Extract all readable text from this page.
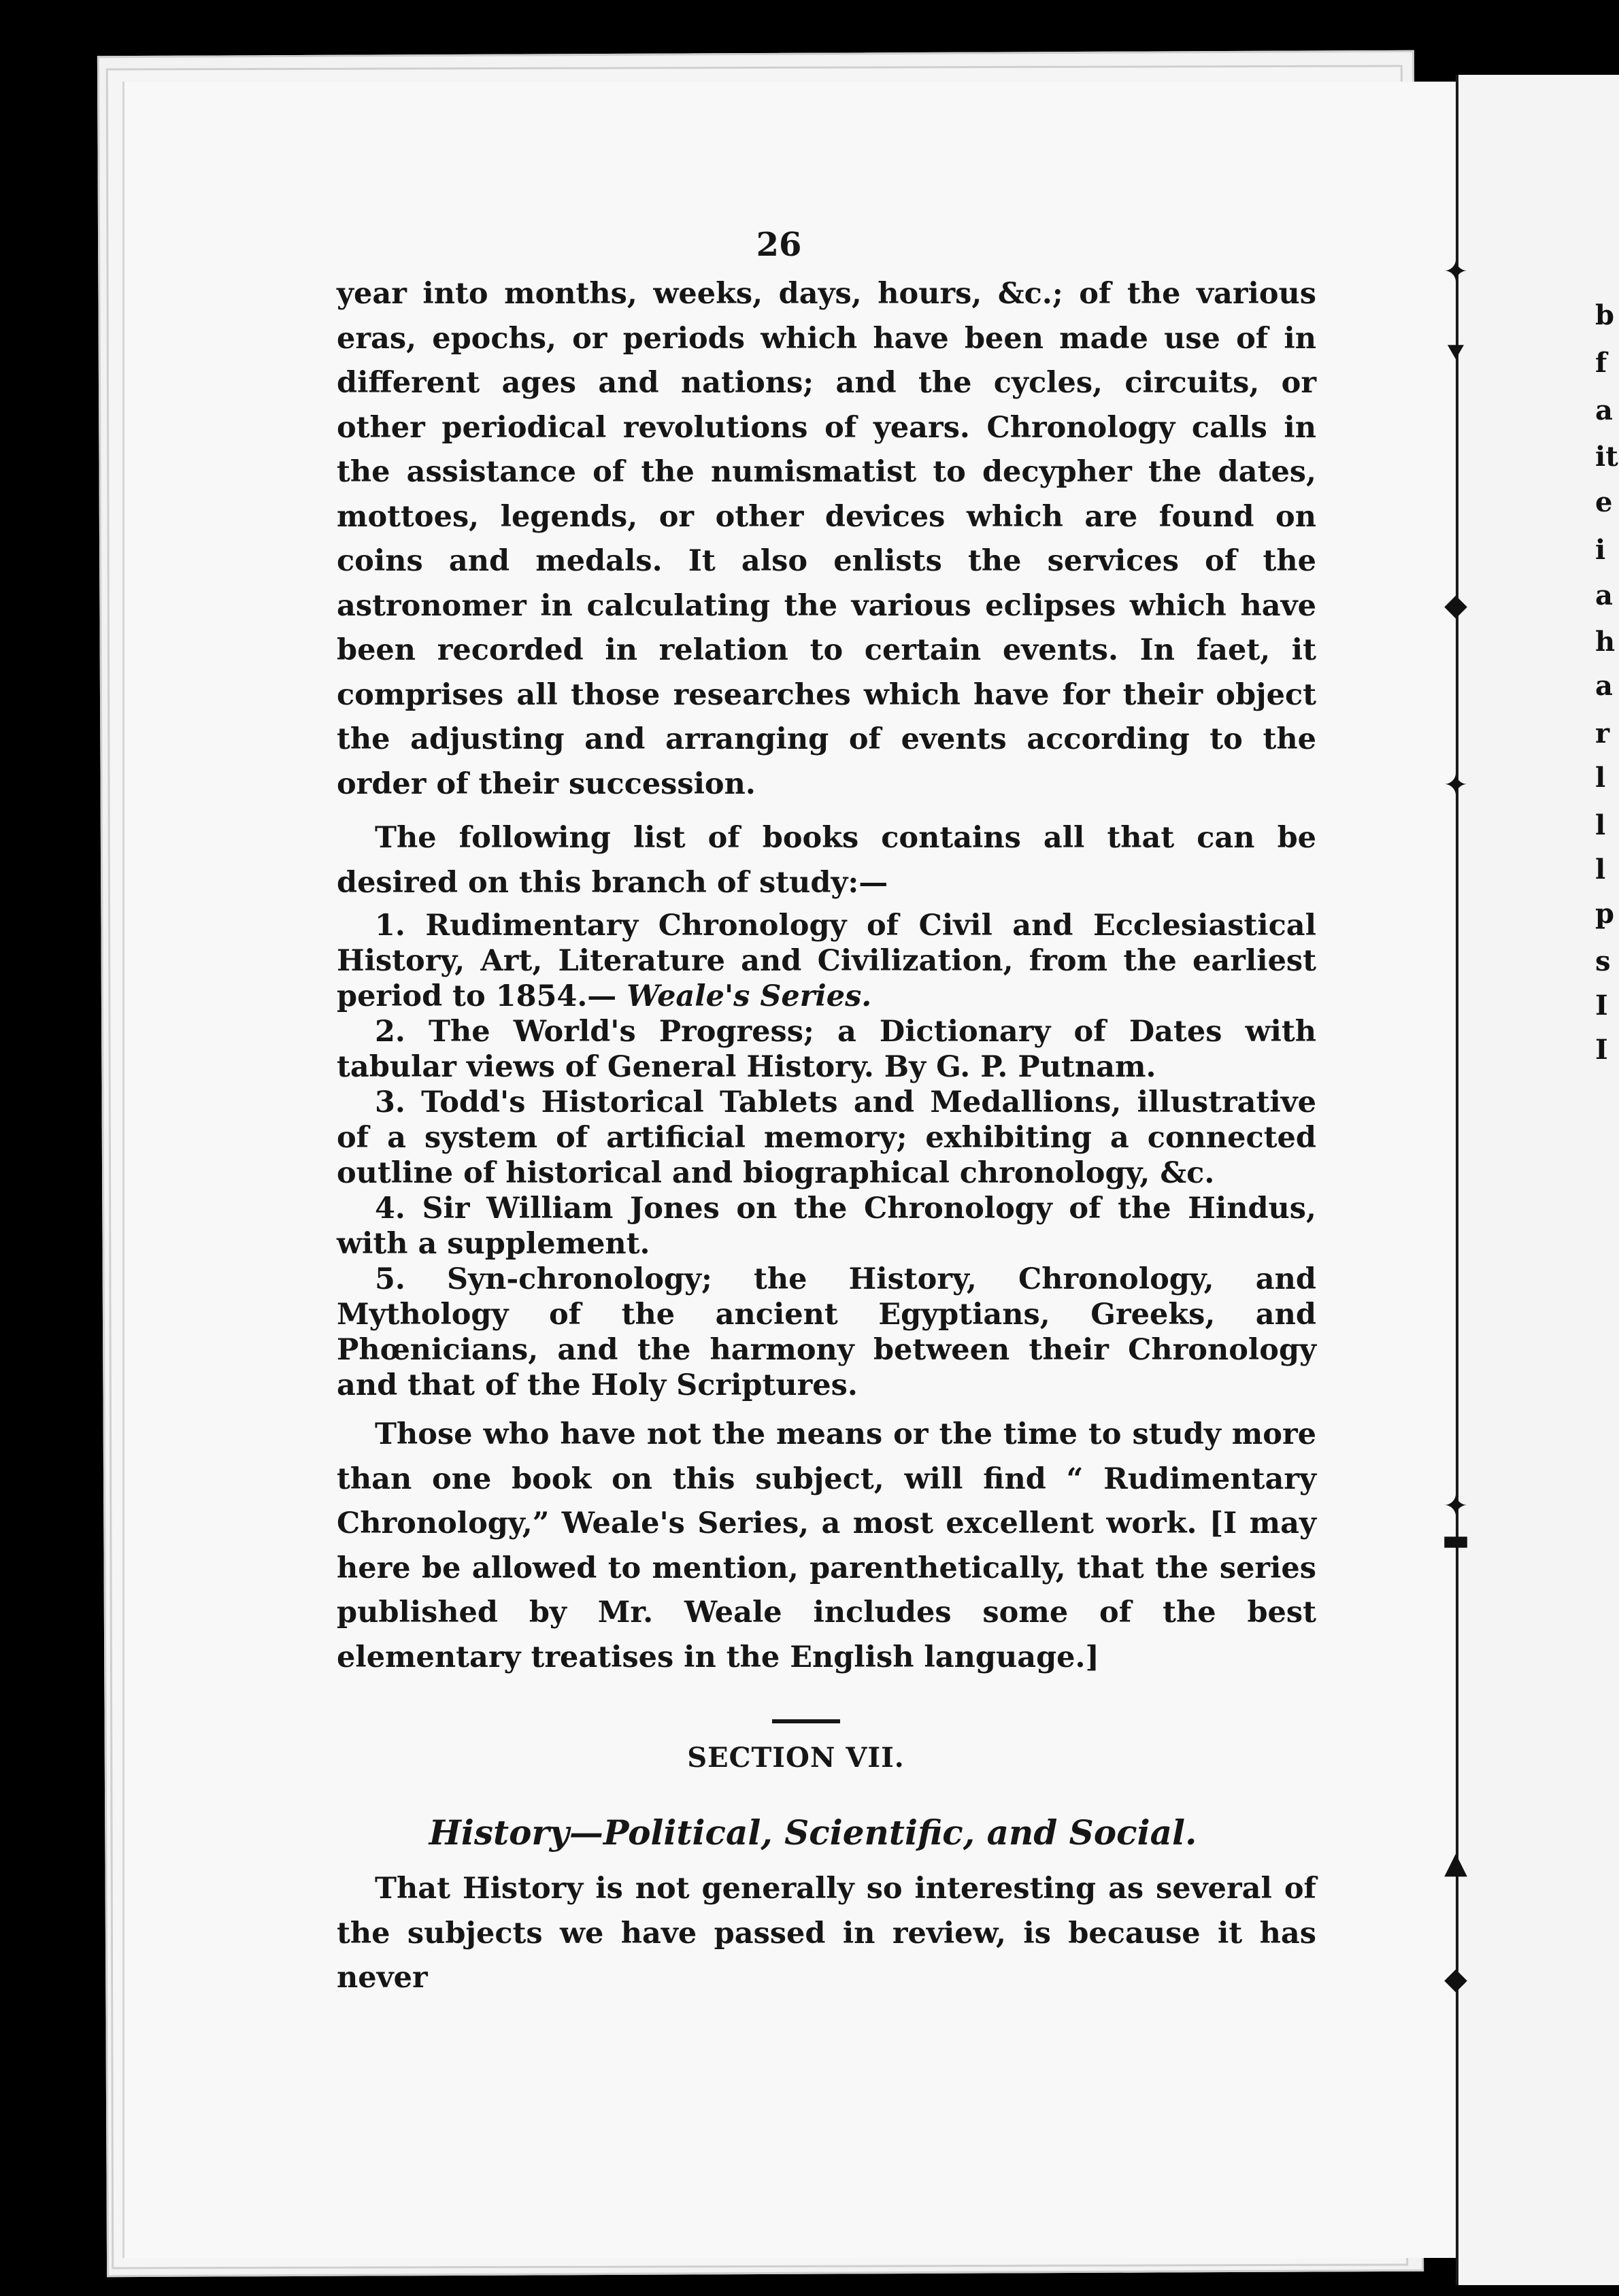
✦
⯆
◆
✦
✦
▬
▲
◆
b
f
a
it
e
i
a
h
a
r
l
l
l
p
s
I
I
26

year into months, weeks, days, hours, &c.; of the various eras, epochs, or periods which have been made use of in different ages and nations; and the cycles, circuits, or other periodical revolutions of years. Chronology calls in the assistance of the numismatist to decypher the dates, mottoes, legends, or other devices which are found on coins and medals. It also enlists the services of the astronomer in calculating the various eclipses which have been recorded in relation to certain events. In faet, it comprises all those researches which have for their object the adjusting and arranging of events according to the order of their succession.

The following list of books contains all that can be desired on this branch of study:—

1. Rudimentary Chronology of Civil and Ecclesiastical History, Art, Literature and Civilization, from the earliest period to 1854.— Weale's Series.
2. The World's Progress; a Dictionary of Dates with tabular views of General History. By G. P. Putnam.
3. Todd's Historical Tablets and Medallions, illustrative of a system of artificial memory; exhibiting a connected outline of historical and biographical chronology, &c.
4. Sir William Jones on the Chronology of the Hindus, with a supplement.
5. Syn-chronology; the History, Chronology, and Mythology of the ancient Egyptians, Greeks, and Phœnicians, and the harmony between their Chronology and that of the Holy Scriptures.

Those who have not the means or the time to study more than one book on this subject, will find “ Rudimentary Chronology,” Weale's Series, a most excellent work. [I may here be allowed to mention, parenthetically, that the series published by Mr. Weale includes some of the best elementary treatises in the English language.]

SECTION VII.
History—Political, Scientific, and Social.

That History is not generally so interesting as several of the subjects we have passed in review, is because it has never
